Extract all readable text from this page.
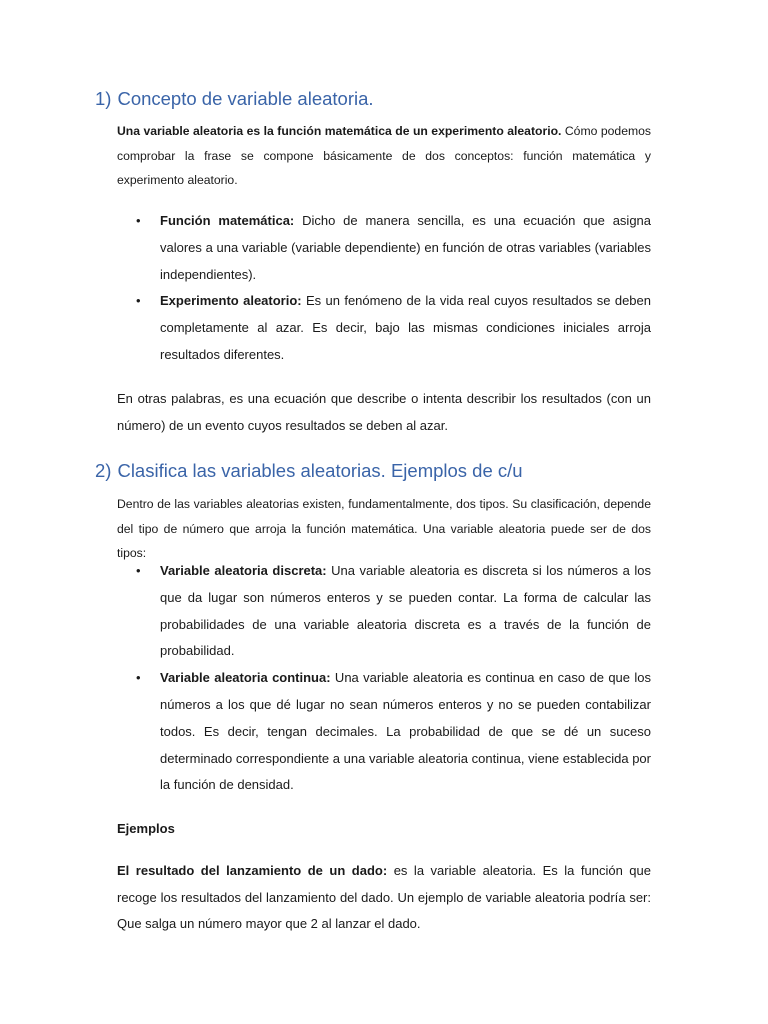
1) Concepto de variable aleatoria.

Una variable aleatoria es la función matemática de un experimento aleatorio. Cómo podemos comprobar la frase se compone básicamente de dos conceptos: función matemática y experimento aleatorio.

• Función matemática: Dicho de manera sencilla, es una ecuación que asigna valores a una variable (variable dependiente) en función de otras variables (variables independientes).
• Experimento aleatorio: Es un fenómeno de la vida real cuyos resultados se deben completamente al azar. Es decir, bajo las mismas condiciones iniciales arroja resultados diferentes.

En otras palabras, es una ecuación que describe o intenta describir los resultados (con un número) de un evento cuyos resultados se deben al azar.

2) Clasifica las variables aleatorias. Ejemplos de c/u

Dentro de las variables aleatorias existen, fundamentalmente, dos tipos. Su clasificación, depende del tipo de número que arroja la función matemática. Una variable aleatoria puede ser de dos tipos:

• Variable aleatoria discreta: Una variable aleatoria es discreta si los números a los que da lugar son números enteros y se pueden contar. La forma de calcular las probabilidades de una variable aleatoria discreta es a través de la función de probabilidad.
• Variable aleatoria continua: Una variable aleatoria es continua en caso de que los números a los que dé lugar no sean números enteros y no se pueden contabilizar todos. Es decir, tengan decimales. La probabilidad de que se dé un suceso determinado correspondiente a una variable aleatoria continua, viene establecida por la función de densidad.

Ejemplos

El resultado del lanzamiento de un dado: es la variable aleatoria. Es la función que recoge los resultados del lanzamiento del dado. Un ejemplo de variable aleatoria podría ser: Que salga un número mayor que 2 al lanzar el dado.
